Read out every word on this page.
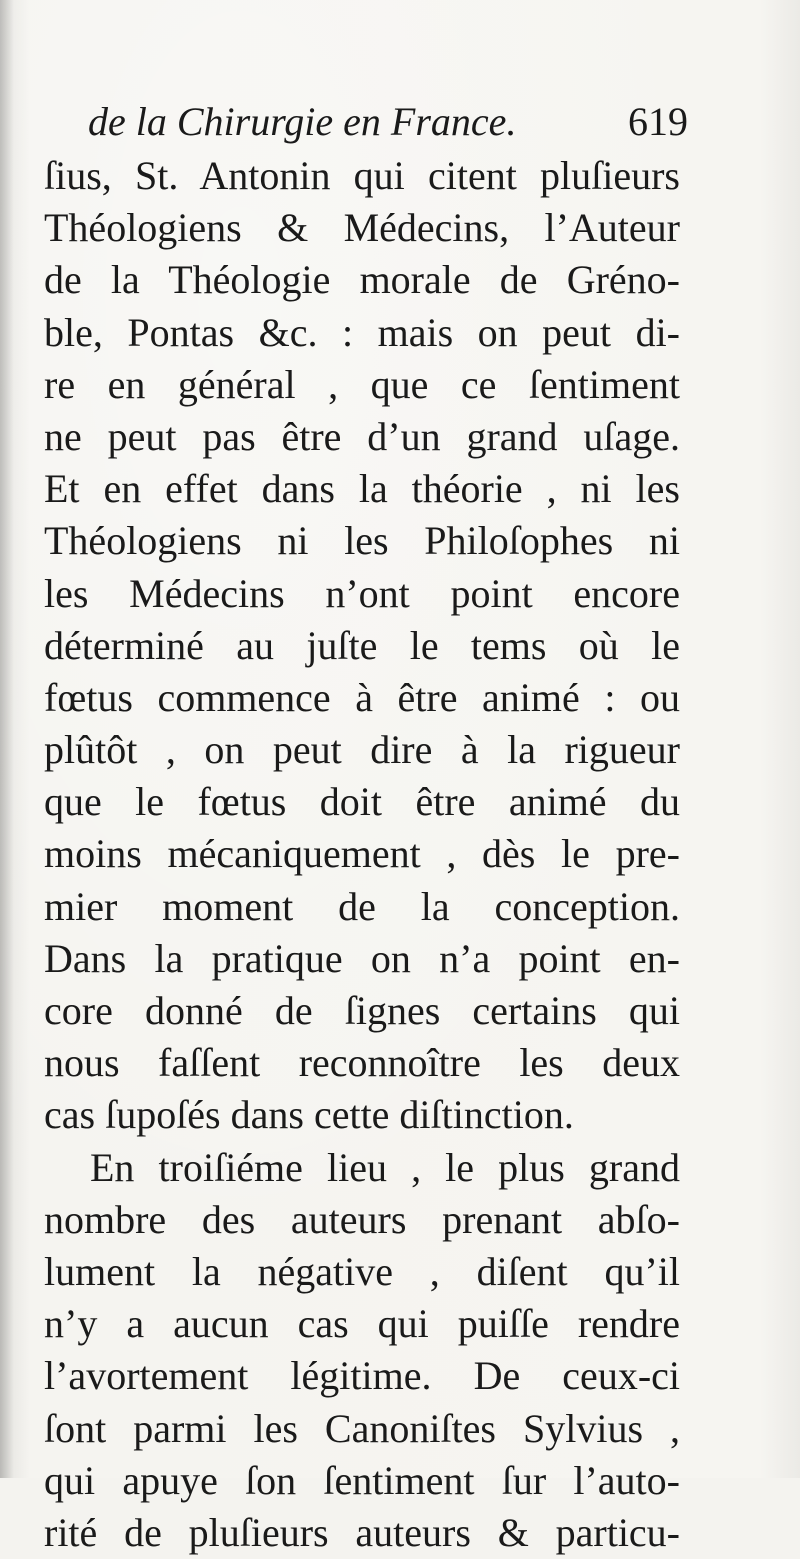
de la Chirurgie en France.	619
ſius, St. Antonin qui citent pluſieurs
Théologiens & Médecins, l’Auteur
de la Théologie morale de Gréno-
ble, Pontas &c. : mais on peut di-
re en général , que ce ſentiment
ne peut pas être d’un grand uſage.
Et en effet dans la théorie , ni les
Théologiens ni les Philoſophes ni
les Médecins n’ont point encore
déterminé au juſte le tems où le
fœtus commence à être animé : ou
plûtôt , on peut dire à la rigueur
que le fœtus doit être animé du
moins mécaniquement , dès le pre-
mier moment de la conception.
Dans la pratique on n’a point en-
core donné de ſignes certains qui
nous faſſent reconnoître les deux
cas ſupoſés dans cette diſtinction.
En troiſiéme lieu , le plus grand
nombre des auteurs prenant abſo-
lument la négative , diſent qu’il
n’y a aucun cas qui puiſſe rendre
l’avortement légitime. De ceux-ci
ſont parmi les Canoniſtes Sylvius ,
qui apuye ſon ſentiment ſur l’auto-
rité de pluſieurs auteurs & particu-
